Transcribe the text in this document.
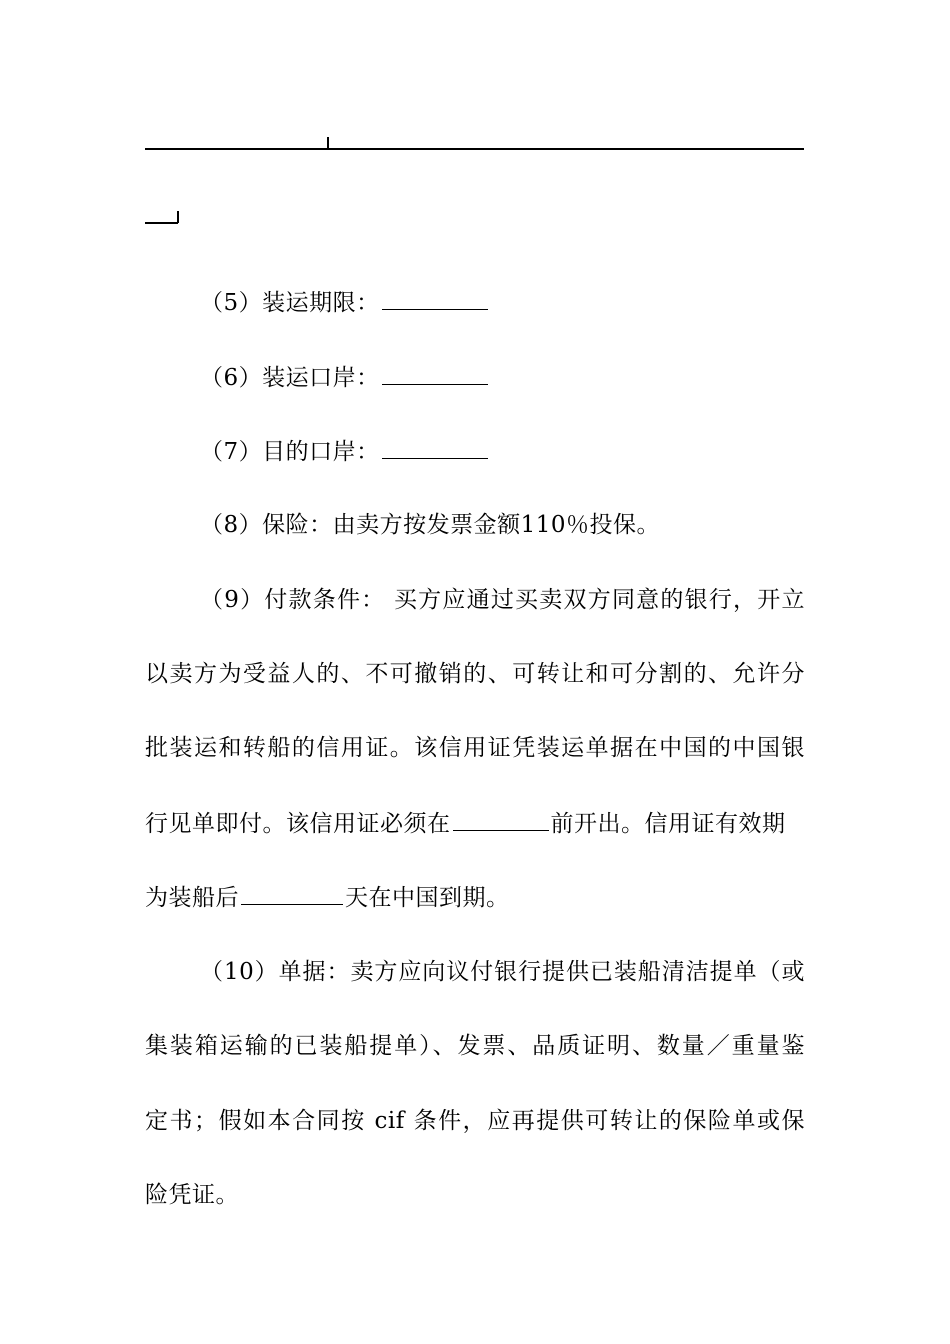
（5）装运期限：
（6）装运口岸：
（7）目的口岸：
（8）保险：由卖方按发票金额110％投保。
（9）付款条件： 买方应通过买卖双方同意的银行，开立
以卖方为受益人的、不可撤销的、可转让和可分割的、允许分
批装运和转船的信用证。该信用证凭装运单据在中国的中国银
行见单即付。该信用证必须在	前开出。信用证有效期
为装船后	天在中国到期。
（10）单据：卖方应向议付银行提供已装船清洁提单（或
集装箱运输的已装船提单）、发票、品质证明、数量／重量鉴
定书；假如本合同按 cif 条件，应再提供可转让的保险单或保
险凭证。
